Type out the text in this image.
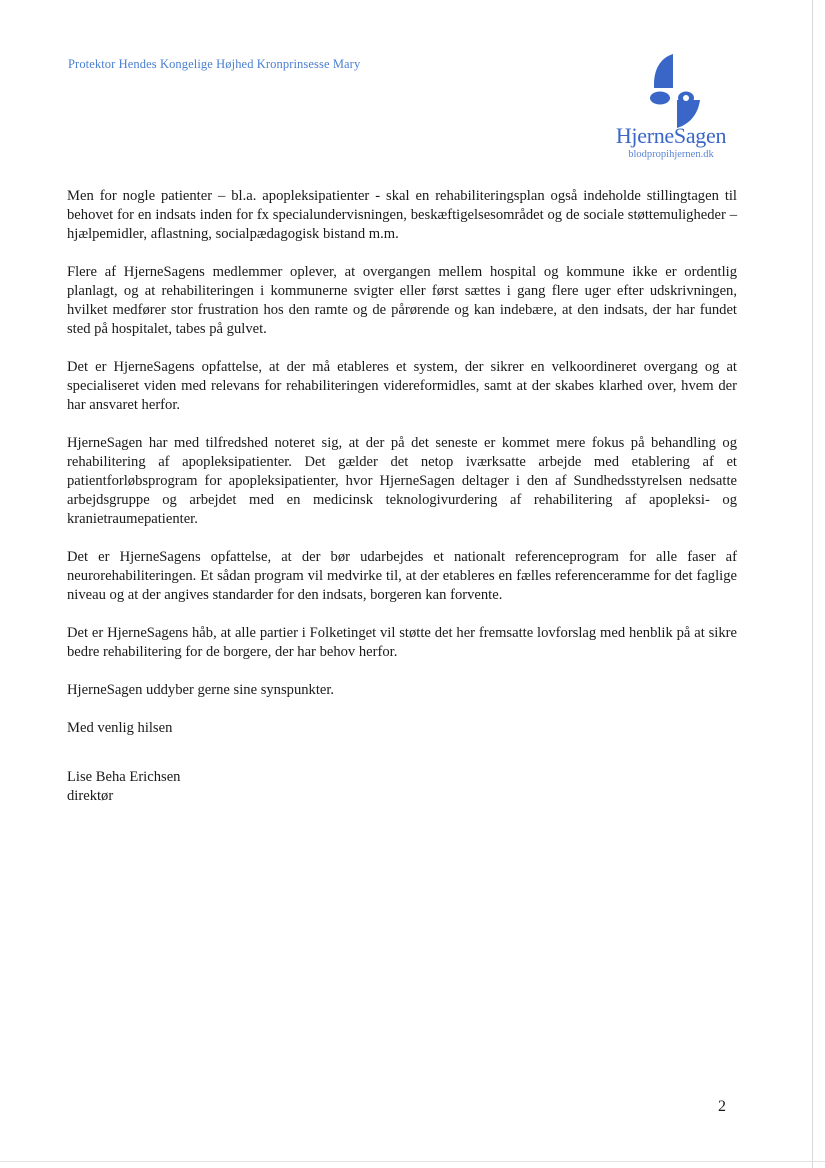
Protektor Hendes Kongelige Højhed Kronprinsesse Mary
HjerneSagen
blodpropihjernen.dk

Men for nogle patienter – bl.a. apopleksipatienter - skal en rehabiliteringsplan også indeholde stillingtagen til behovet for en indsats inden for fx specialundervisningen, beskæftigelsesområdet og de sociale støttemuligheder – hjælpemidler, aflastning, socialpædagogisk bistand m.m.

Flere af HjerneSagens medlemmer oplever, at overgangen mellem hospital og kommune ikke er ordentlig planlagt, og at rehabiliteringen i kommunerne svigter eller først sættes i gang flere uger efter udskrivningen, hvilket medfører stor frustration hos den ramte og de pårørende og kan indebære, at den indsats, der har fundet sted på hospitalet, tabes på gulvet.

Det er HjerneSagens opfattelse, at der må etableres et system, der sikrer en velkoordineret overgang og at specialiseret viden med relevans for rehabiliteringen videreformidles, samt at der skabes klarhed over, hvem der har ansvaret herfor.

HjerneSagen har med tilfredshed noteret sig, at der på det seneste er kommet mere fokus på behandling og rehabilitering af apopleksipatienter. Det gælder det netop iværksatte arbejde med etablering af et patientforløbsprogram for apopleksipatienter, hvor HjerneSagen deltager i den af Sundhedsstyrelsen nedsatte arbejdsgruppe og arbejdet med en medicinsk teknologivurdering af rehabilitering af apopleksi- og kranietraumepatienter.

Det er HjerneSagens opfattelse, at der bør udarbejdes et nationalt referenceprogram for alle faser af neurorehabiliteringen. Et sådan program vil medvirke til, at der etableres en fælles referenceramme for det faglige niveau og at der angives standarder for den indsats, borgeren kan forvente.

Det er HjerneSagens håb, at alle partier i Folketinget vil støtte det her fremsatte lovforslag med henblik på at sikre bedre rehabilitering for de borgere, der har behov herfor.

HjerneSagen uddyber gerne sine synspunkter.

Med venlig hilsen

Lise Beha Erichsen
direktør
2
